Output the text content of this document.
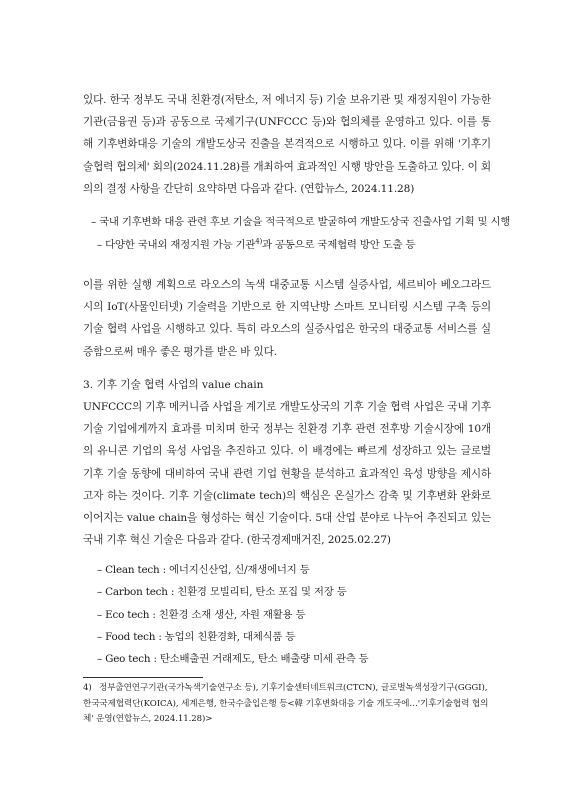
있다. 한국 정부도 국내 친환경(저탄소, 저 에너지 등) 기술 보유기관 및 재정지원이 가능한 기관(금융권 등)과 공동으로 국제기구(UNFCCC 등)와 협의체를 운영하고 있다. 이를 통해 기후변화대응 기술의 개발도상국 진출을 본격적으로 시행하고 있다. 이를 위해 '기후기술협력 협의체' 회의(2024.11.28)를 개최하여 효과적인 시행 방안을 도출하고 있다. 이 회의의 결정 사항을 간단히 요약하면 다음과 같다. (연합뉴스, 2024.11.28)

– 국내 기후변화 대응 관련 후보 기술을 적극적으로 발굴하여 개발도상국 진출사업 기획 및 시행
– 다양한 국내외 재정지원 가능 기관$^{4)}$과 공동으로 국제협력 방안 도출 등

이를 위한 실행 계획으로 라오스의 녹색 대중교통 시스템 실증사업, 세르비아 베오그라드시의 IoT(사물인터넷) 기술력을 기반으로 한 지역난방 스마트 모니터링 시스템 구축 등의 기술 협력 사업을 시행하고 있다. 특히 라오스의 실증사업은 한국의 대중교통 서비스를 실증함으로써 매우 좋은 평가를 받은 바 있다.

3. 기후 기술 협력 사업의 value chain

UNFCCC의 기후 메커니즘 사업을 계기로 개발도상국의 기후 기술 협력 사업은 국내 기후 기술 기업에게까지 효과를 미치며 한국 정부는 친환경 기후 관련 전후방 기술시장에 10개의 유니콘 기업의 육성 사업을 추진하고 있다. 이 배경에는 빠르게 성장하고 있는 글로벌 기후 기술 동향에 대비하여 국내 관련 기업 현황을 분석하고 효과적인 육성 방향을 제시하고자 하는 것이다. 기후 기술(climate tech)의 핵심은 온실가스 감축 및 기후변화 완화로 이어지는 value chain을 형성하는 혁신 기술이다. 5대 산업 분야로 나누어 추진되고 있는 국내 기후 혁신 기술은 다음과 같다. (한국경제매거진, 2025.02.27)

– Clean tech : 에너지신산업, 신/재생에너지 등
– Carbon tech : 친환경 모빌리티, 탄소 포집 및 저장 등
– Eco tech : 친환경 소재 생산, 자원 재활용 등
– Food tech : 농업의 친환경화, 대체식품 등
– Geo tech : 탄소배출권 거래제도, 탄소 배출량 미세 관측 등

4) 정부출연연구기관(국가녹색기술연구소 등), 기후기술센터네트워크(CTCN), 글로벌녹색성장기구(GGGI), 한국국제협력단(KOICA), 세계은행, 한국수출입은행 등<韓 기후변화대응 기술 개도국에…'기후기술협력 협의체' 운영(연합뉴스, 2024.11.28)>
